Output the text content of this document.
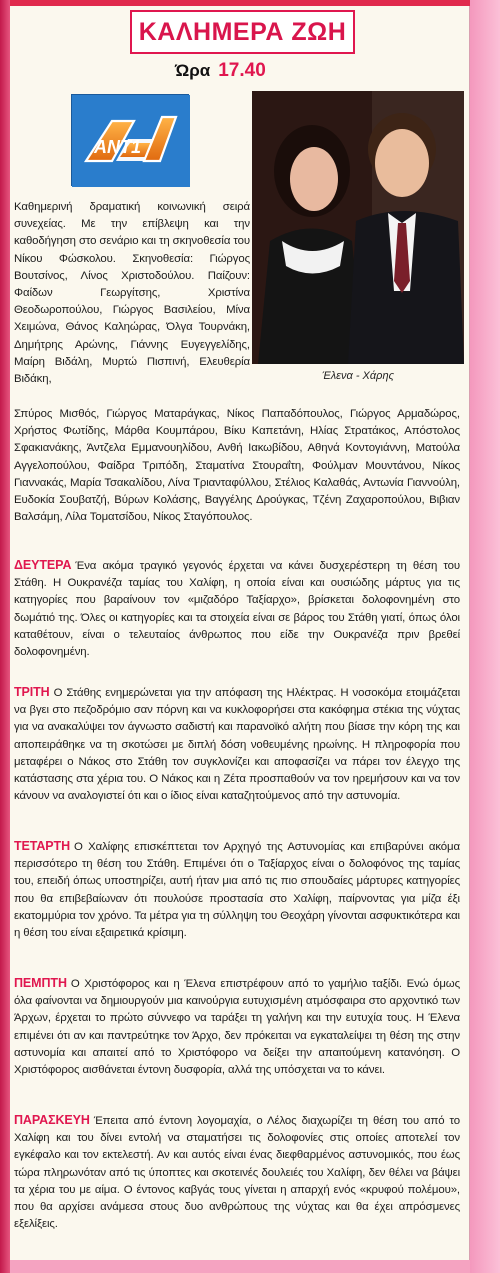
ΚΑΛΗΜΕΡΑ ΖΩΗ
Ώρα 17.40
ANT1
Έλενα - Χάρης
Καθημερινή δραματική κοινωνική σειρά συνεχείας. Με την επίβλεψη και την καθοδήγηση στο σενάριο και τη σκηνοθεσία του Νίκου Φώσκολου. Σκηνοθεσία: Γιώργος Βουτσίνος, Λίνος Χριστοδούλου. Παίζουν: Φαίδων Γεωργίτσης, Χριστίνα Θεοδωροπούλου, Γιώργος Βασιλείου, Μίνα Χειμώνα, Θάνος Καληώρας, Όλγα Τουρνάκη, Δημήτρης Αρώνης, Γιάννης Ευγεγγελίδης, Μαίρη Βιδάλη, Μυρτώ Πισπινή, Ελευθερία Βιδάκη,
Σπύρος Μισθός, Γιώργος Ματαράγκας, Νίκος Παπαδόπουλος, Γιώργος Αρμαδώρος, Χρήστος Φωτίδης, Μάρθα Κουμπάρου, Βίκυ Καπετάνη, Ηλίας Στρατάκος, Απόστολος Σφακιανάκης, Άντζελα Εμμανουηλίδου, Ανθή Ιακωβίδου, Αθηνά Κοντογιάννη, Ματούλα Αγγελοπούλου, Φαίδρα Τριπόδη, Σταματίνα Στουραΐτη, Φούλμαν Μουντάνου, Νίκος Γιαννακάς, Μαρία Τσακαλίδου, Λίνα Τριανταφύλλου, Στέλιος Καλαθάς, Αντωνία Γιαννούλη, Ευδοκία Σουβατζή, Βύρων Κολάσης, Βαγγέλης Δρούγκας, Τζένη Ζαχαροπούλου, Βιβιαν Βαλσάμη, Λίλα Τοματσίδου, Νίκος Σταγόπουλος.
ΔΕΥΤΕΡΑ Ένα ακόμα τραγικό γεγονός έρχεται να κάνει δυσχερέστερη τη θέση του Στάθη. Η Ουκρανέζα ταμίας του Χαλίφη, η οποία είναι και ουσιώδης μάρτυς για τις κατηγορίες που βαραίνουν τον «μιζαδόρο Ταξίαρχο», βρίσκεται δολοφονημένη στο δωμάτιό της. Όλες οι κατηγορίες και τα στοιχεία είναι σε βάρος του Στάθη γιατί, όπως όλοι καταθέτουν, είναι ο τελευταίος άνθρωπος που είδε την Ουκρανέζα πριν βρεθεί δολοφονημένη.
ΤΡΙΤΗ Ο Στάθης ενημερώνεται για την απόφαση της Ηλέκτρας. Η νοσοκόμα ετοιμάζεται να βγει στο πεζοδρόμιο σαν πόρνη και να κυκλοφορήσει στα κακόφημα στέκια της νύχτας για να ανακαλύψει τον άγνωστο σαδιστή και παρανοϊκό αλήτη που βίασε την κόρη της και αποπειράθηκε να τη σκοτώσει με διπλή δόση νοθευμένης ηρωίνης. Η πληροφορία που μεταφέρει ο Νάκος στο Στάθη τον συγκλονίζει και αποφασίζει να πάρει τον έλεγχο της κατάστασης στα χέρια του. Ο Νάκος και η Ζέτα προσπαθούν να τον ηρεμήσουν και να τον κάνουν να αναλογιστεί ότι και ο ίδιος είναι καταζητούμενος από την αστυνομία.
ΤΕΤΑΡΤΗ Ο Χαλίφης επισκέπτεται τον Αρχηγό της Αστυνομίας και επιβαρύνει ακόμα περισσότερο τη θέση του Στάθη. Επιμένει ότι ο Ταξίαρχος είναι ο δολοφόνος της ταμίας του, επειδή όπως υποστηρίζει, αυτή ήταν μια από τις πιο σπουδαίες μάρτυρες κατηγορίες που θα επιβεβαίωναν ότι πουλούσε προστασία στο Χαλίφη, παίρνοντας για μίζα έξι εκατομμύρια τον χρόνο. Τα μέτρα για τη σύλληψη του Θεοχάρη γίνονται ασφυκτικότερα και η θέση του είναι εξαιρετικά κρίσιμη.
ΠΕΜΠΤΗ Ο Χριστόφορος και η Έλενα επιστρέφουν από το γαμήλιο ταξίδι. Ενώ όμως όλα φαίνονται να δημιουργούν μια καινούργια ευτυχισμένη ατμόσφαιρα στο αρχοντικό των Άρχων, έρχεται το πρώτο σύννεφο να ταράξει τη γαλήνη και την ευτυχία τους. Η Έλενα επιμένει ότι αν και παντρεύτηκε τον Άρχο, δεν πρόκειται να εγκαταλείψει τη θέση της στην αστυνομία και απαιτεί από το Χριστόφορο να δείξει την απαιτούμενη κατανόηση. Ο Χριστόφορος αισθάνεται έντονη δυσφορία, αλλά της υπόσχεται να το κάνει.
ΠΑΡΑΣΚΕΥΗ Έπειτα από έντονη λογομαχία, ο Λέλος διαχωρίζει τη θέση του από το Χαλίφη και του δίνει εντολή να σταματήσει τις δολοφονίες στις οποίες αποτελεί τον εγκέφαλο και τον εκτελεστή. Αν και αυτός είναι ένας διεφθαρμένος αστυνομικός, που έως τώρα πληρωνόταν από τις ύποπτες και σκοτεινές δουλειές του Χαλίφη, δεν θέλει να βάψει τα χέρια του με αίμα. Ο έντονος καβγάς τους γίνεται η απαρχή ενός «κρυφού πολέμου», που θα αρχίσει ανάμεσα στους δυο ανθρώπους της νύχτας και θα έχει απρόσμενες εξελίξεις.
